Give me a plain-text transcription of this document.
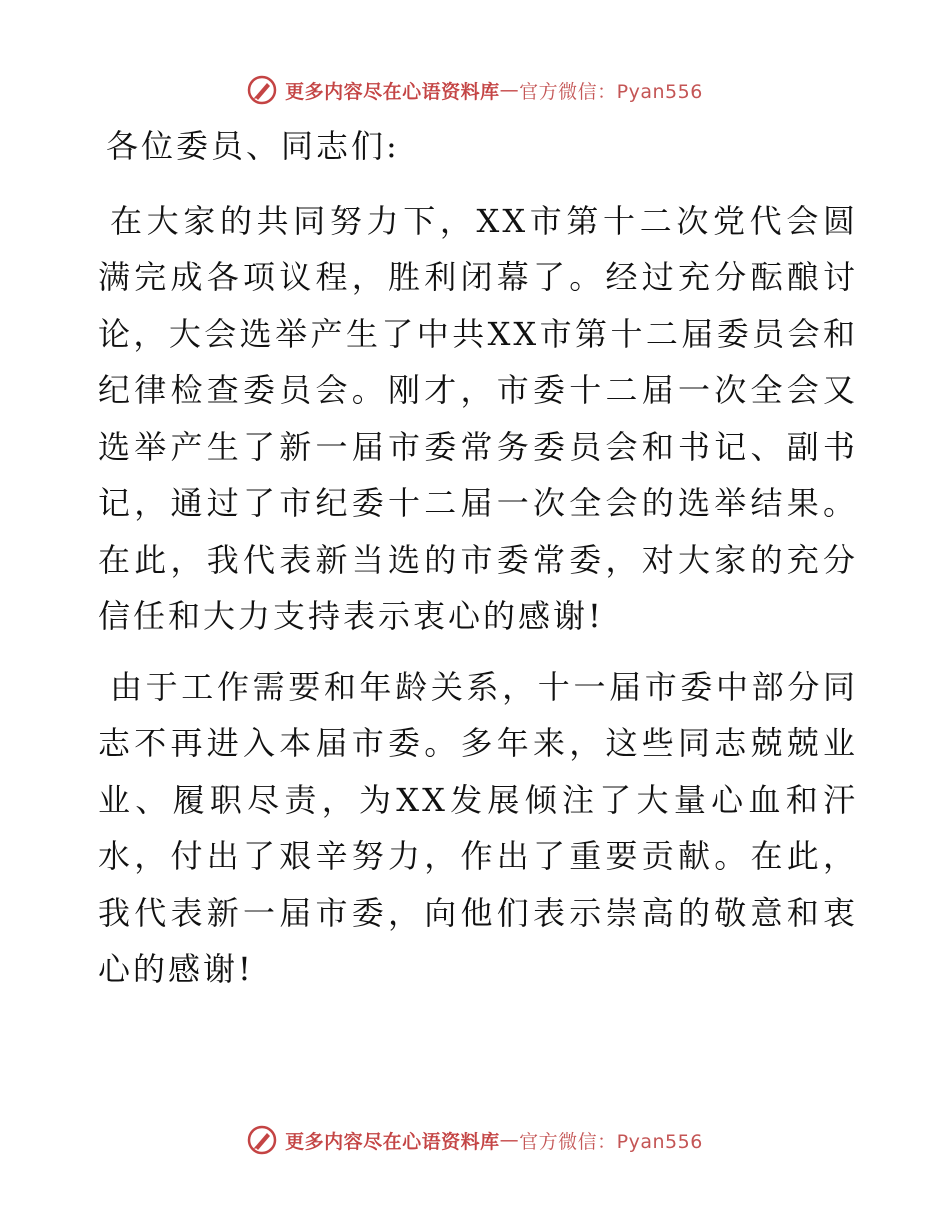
更多内容尽在心语资料库 — 官方微信：Pyan556

各位委员、同志们:

在大家的共同努力下，XX市第十二次党代会圆满完成各项议程，胜利闭幕了。经过充分酝酿讨论，大会选举产生了中共XX市第十二届委员会和纪律检查委员会。刚才，市委十二届一次全会又选举产生了新一届市委常务委员会和书记、副书记，通过了市纪委十二届一次全会的选举结果。在此，我代表新当选的市委常委，对大家的充分信任和大力支持表示衷心的感谢!

由于工作需要和年龄关系，十一届市委中部分同志不再进入本届市委。多年来，这些同志兢兢业业、履职尽责，为XX发展倾注了大量心血和汗水，付出了艰辛努力，作出了重要贡献。在此，我代表新一届市委，向他们表示崇高的敬意和衷心的感谢!

更多内容尽在心语资料库 — 官方微信：Pyan556
